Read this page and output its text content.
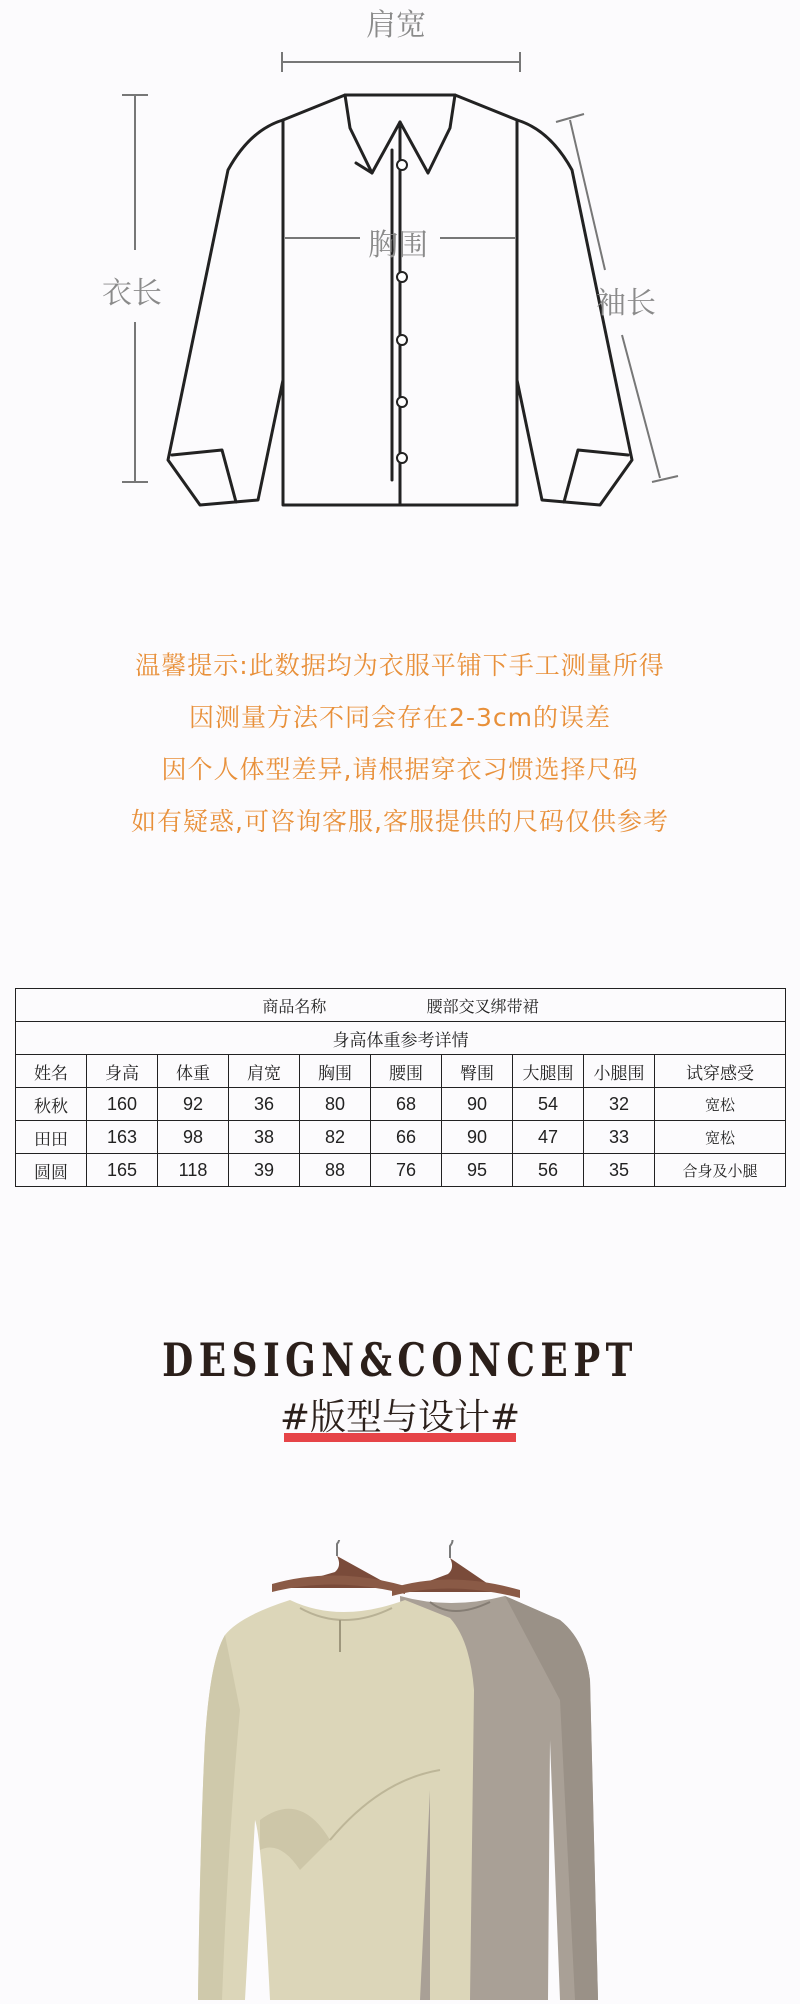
肩宽
胸围
衣长	袖长
温馨提示:此数据均为衣服平铺下手工测量所得
因测量方法不同会存在2-3cm的误差
因个人体型差异,请根据穿衣习惯选择尺码
如有疑惑,可咨询客服,客服提供的尺码仅供参考
商品名称 腰部交叉绑带裙									
身高体重参考详情									
姓名	身高	体重	肩宽	胸围	腰围	臀围	大腿围	小腿围	试穿感受
秋秋	160	92	36	80	68	90	54	32	宽松
田田	163	98	38	82	66	90	47	33	宽松
圆圆	165	118	39	88	76	95	56	35	合身及小腿
DESIGN&CONCEPT
#版型与设计#
